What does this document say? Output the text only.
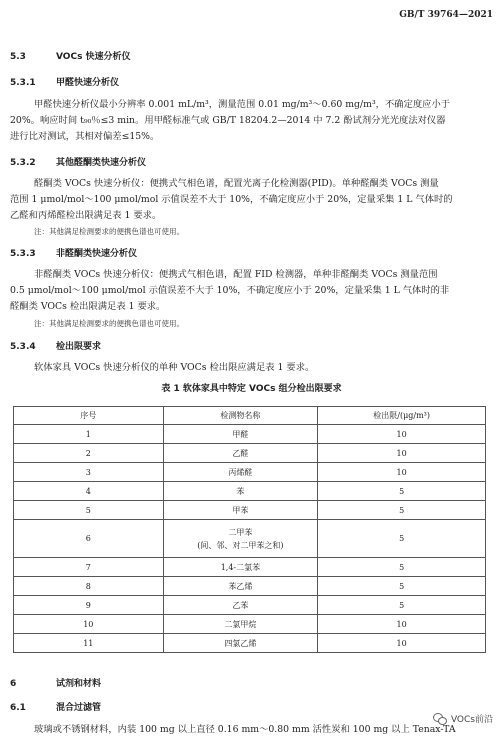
GB/T 39764—2021
5.3	VOCs 快速分析仪
5.3.1 甲醛快速分析仪
甲醛快速分析仪最小分辨率 0.001 mL/m³，测量范围 0.01 mg/m³～0.60 mg/m³，不确定度应小于
20%。响应时间 t₉₀％≤3 min。用甲醛标准气或 GB/T 18204.2—2014 中 7.2 酚试剂分光光度法对仪器
进行比对测试，其相对偏差≤15%。
5.3.2 其他醛酮类快速分析仪
醛酮类 VOCs 快速分析仪：便携式气相色谱，配置光离子化检测器(PID)。单种醛酮类 VOCs 测量
范围 1 μmol/mol～100 μmol/mol 示值误差不大于 10%，不确定度应小于 20%，定量采集 1 L 气体时的
乙醛和丙烯醛检出限满足表 1 要求。
注：其他满足检测要求的便携色谱也可使用。
5.3.3 非醛酮类快速分析仪
非醛酮类 VOCs 快速分析仪：便携式气相色谱，配置 FID 检测器，单种非醛酮类 VOCs 测量范围
0.5 μmol/mol～100 μmol/mol 示值误差不大于 10%，不确定度应小于 20%，定量采集 1 L 气体时的非
醛酮类 VOCs 检出限满足表 1 要求。
注：其他满足检测要求的便携色谱也可使用。
5.3.4 检出限要求
软体家具 VOCs 快速分析仪的单种 VOCs 检出限应满足表 1 要求。
表 1 软体家具中特定 VOCs 组分检出限要求
序号	检测物名称	检出限/(μg/m³)
1	甲醛	10
2	乙醛	10
3	丙烯醛	10
4	苯	5
5	甲苯	5
6	二甲苯
(间、邻、对二甲苯之和)	5
7	1,4-二氯苯	5
8	苯乙烯	5
9	乙苯	5
10	二氯甲烷	10
11	四氯乙烯	10
6	试剂和材料
6.1	混合过滤管
玻璃或不锈钢材料，内装 100 mg 以上直径 0.16 mm～0.80 mm 活性炭和 100 mg 以上 Tenax-TA
VOCs前沿
